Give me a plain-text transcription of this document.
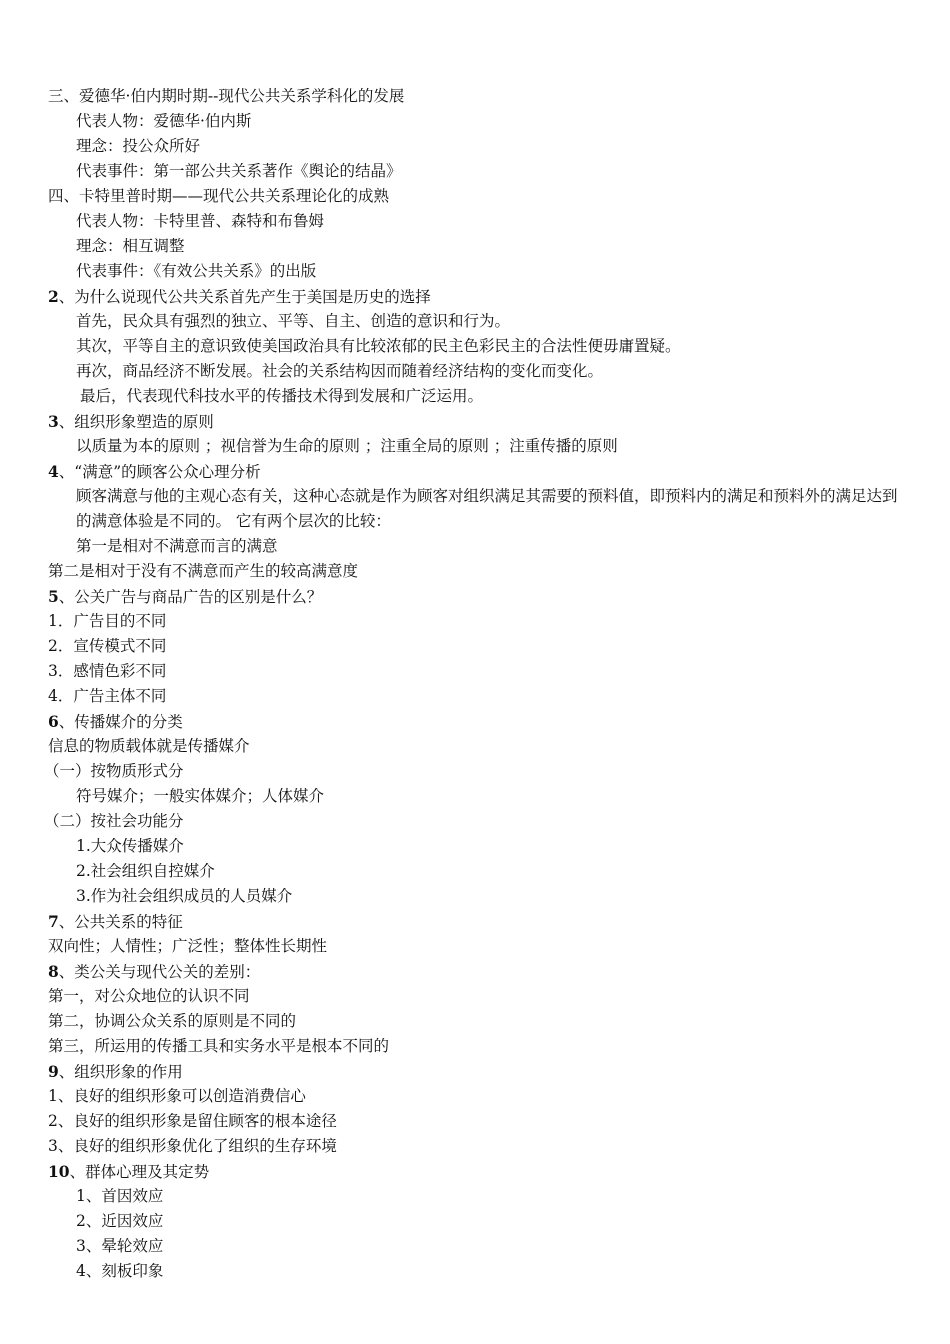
三、爱德华·伯内期时期--现代公共关系学科化的发展
代表人物：爱德华·伯内斯
理念：投公众所好
代表事件：第一部公共关系著作《舆论的结晶》
四、卡特里普时期——现代公共关系理论化的成熟
代表人物：卡特里普、森特和布鲁姆
理念：相互调整
代表事件：《有效公共关系》的出版
2、为什么说现代公共关系首先产生于美国是历史的选择
首先，民众具有强烈的独立、平等、自主、创造的意识和行为。
其次，平等自主的意识致使美国政治具有比较浓郁的民主色彩民主的合法性便毋庸置疑。
再次，商品经济不断发展。社会的关系结构因而随着经济结构的变化而变化。
最后，代表现代科技水平的传播技术得到发展和广泛运用。
3、组织形象塑造的原则
以质量为本的原则 ；视信誉为生命的原则 ；注重全局的原则 ；注重传播的原则
4、“满意”的顾客公众心理分析
顾客满意与他的主观心态有关，这种心态就是作为顾客对组织满足其需要的预料值，即预料内的满足和预料外的满足达到的满意体验是不同的。 它有两个层次的比较：
第一是相对不满意而言的满意
第二是相对于没有不满意而产生的较高满意度
5、公关广告与商品广告的区别是什么？
1．广告目的不同
2．宣传模式不同
3．感情色彩不同
4．广告主体不同
6、传播媒介的分类
信息的物质载体就是传播媒介
（一）按物质形式分
符号媒介；一般实体媒介；人体媒介
（二）按社会功能分
1.大众传播媒介
2.社会组织自控媒介
3.作为社会组织成员的人员媒介
7、公共关系的特征
双向性；人情性；广泛性；整体性长期性
8、类公关与现代公关的差别：
第一，对公众地位的认识不同
第二，协调公众关系的原则是不同的
第三，所运用的传播工具和实务水平是根本不同的
9、组织形象的作用
1、良好的组织形象可以创造消费信心
2、良好的组织形象是留住顾客的根本途径
3、良好的组织形象优化了组织的生存环境
10、群体心理及其定势
1、首因效应
2、近因效应
3、晕轮效应
4、刻板印象
